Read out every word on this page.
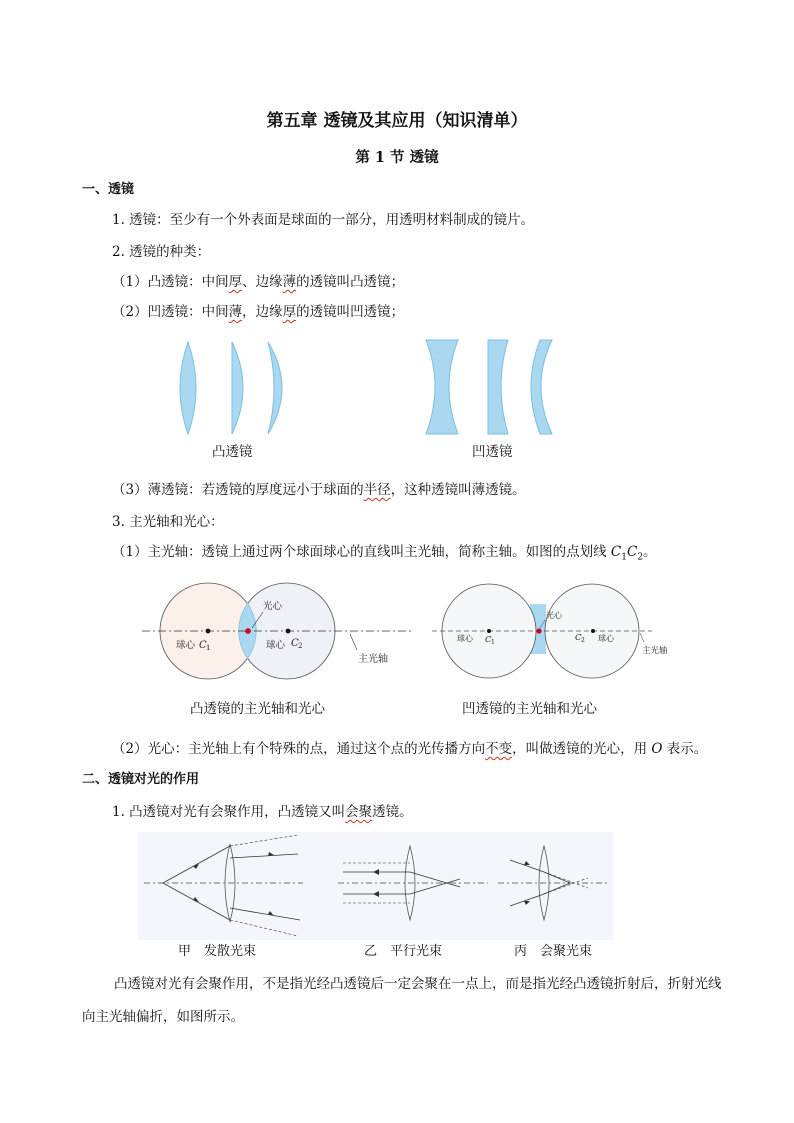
第五章 透镜及其应用（知识清单）
第 1 节 透镜
一、透镜
1. 透镜：至少有一个外表面是球面的一部分，用透明材料制成的镜片。
2. 透镜的种类：
（1）凸透镜：中间厚、边缘薄的透镜叫凸透镜；
（2）凹透镜：中间薄，边缘厚的透镜叫凹透镜；
凸透镜	凹透镜
（3）薄透镜：若透镜的厚度远小于球面的半径，这种透镜叫薄透镜。
3. 主光轴和光心：
（1）主光轴：透镜上通过两个球面球心的直线叫主光轴，简称主轴。如图的点划线 $C_1C_2$。
光心
球心 C 1	球心 C 2
主光轴
光心
球心 C 1	C 2 球心
主光轴
凸透镜的主光轴和光心	凹透镜的主光轴和光心
（2）光心：主光轴上有个特殊的点，通过这个点的光传播方向不变，叫做透镜的光心，用 O 表示。
二、透镜对光的作用
1. 凸透镜对光有会聚作用，凸透镜又叫会聚透镜。
甲　发散光束	乙　平行光束	丙　会聚光束
凸透镜对光有会聚作用，不是指光经凸透镜后一定会聚在一点上，而是指光经凸透镜折射后，折射光线向主光轴偏折，如图所示。
